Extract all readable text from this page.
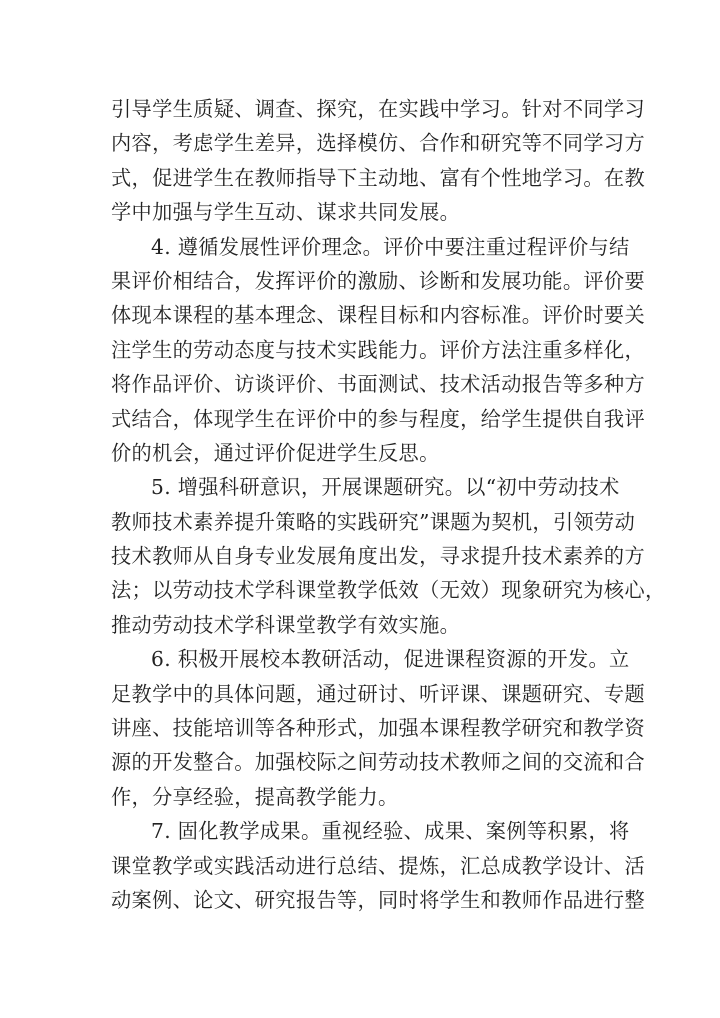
引导学生质疑、调查、探究，在实践中学习。针对不同学习
内容，考虑学生差异，选择模仿、合作和研究等不同学习方
式，促进学生在教师指导下主动地、富有个性地学习。在教
学中加强与学生互动、谋求共同发展。
4. 遵循发展性评价理念。评价中要注重过程评价与结
果评价相结合，发挥评价的激励、诊断和发展功能。评价要
体现本课程的基本理念、课程目标和内容标准。评价时要关
注学生的劳动态度与技术实践能力。评价方法注重多样化，
将作品评价、访谈评价、书面测试、技术活动报告等多种方
式结合，体现学生在评价中的参与程度，给学生提供自我评
价的机会，通过评价促进学生反思。
5. 增强科研意识，开展课题研究。以“初中劳动技术
教师技术素养提升策略的实践研究”课题为契机，引领劳动
技术教师从自身专业发展角度出发，寻求提升技术素养的方
法；以劳动技术学科课堂教学低效（无效）现象研究为核心，
推动劳动技术学科课堂教学有效实施。
6. 积极开展校本教研活动，促进课程资源的开发。立
足教学中的具体问题，通过研讨、听评课、课题研究、专题
讲座、技能培训等各种形式，加强本课程教学研究和教学资
源的开发整合。加强校际之间劳动技术教师之间的交流和合
作，分享经验，提高教学能力。
7. 固化教学成果。重视经验、成果、案例等积累，将
课堂教学或实践活动进行总结、提炼，汇总成教学设计、活
动案例、论文、研究报告等，同时将学生和教师作品进行整
